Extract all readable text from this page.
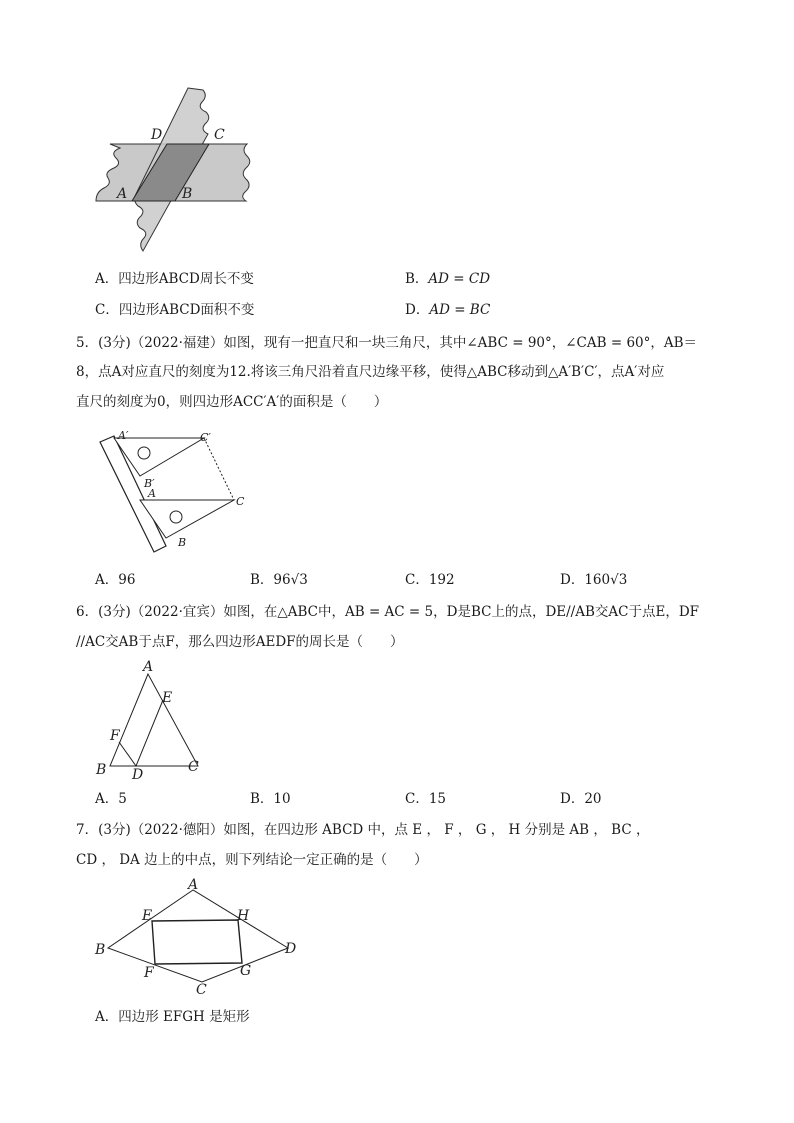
D	C
A	B
A．四边形ABCD周长不变	B．AD = CD
C．四边形ABCD面积不变	D．AD = BC
5．(3分)（2022·福建）如图，现有一把直尺和一块三角尺，其中∠ABC = 90°，∠CAB = 60°，AB＝
8，点A对应直尺的刻度为12.将该三角尺沿着直尺边缘平移，使得△ABC移动到△A′B′C′，点A′对应
直尺的刻度为0，则四边形ACC′A′的面积是（　　）
A′	C′
B′
A
C
B
A．96	B．96√3	C．192	D．160√3
6．(3分)（2022·宜宾）如图，在△ABC中，AB = AC = 5，D是BC上的点，DE//AB交AC于点E，DF
//AC交AB于点F，那么四边形AEDF的周长是（　　）
A
E
F
B D	C
A．5	B．10	C．15	D．20
7．(3分)（2022·德阳）如图，在四边形 ABCD 中，点 E ， F ， G ， H 分别是 AB ， BC ，
CD ， DA 边上的中点，则下列结论一定正确的是（　　）
A
E	H
B	D
F	G
C
A．四边形 EFGH 是矩形
